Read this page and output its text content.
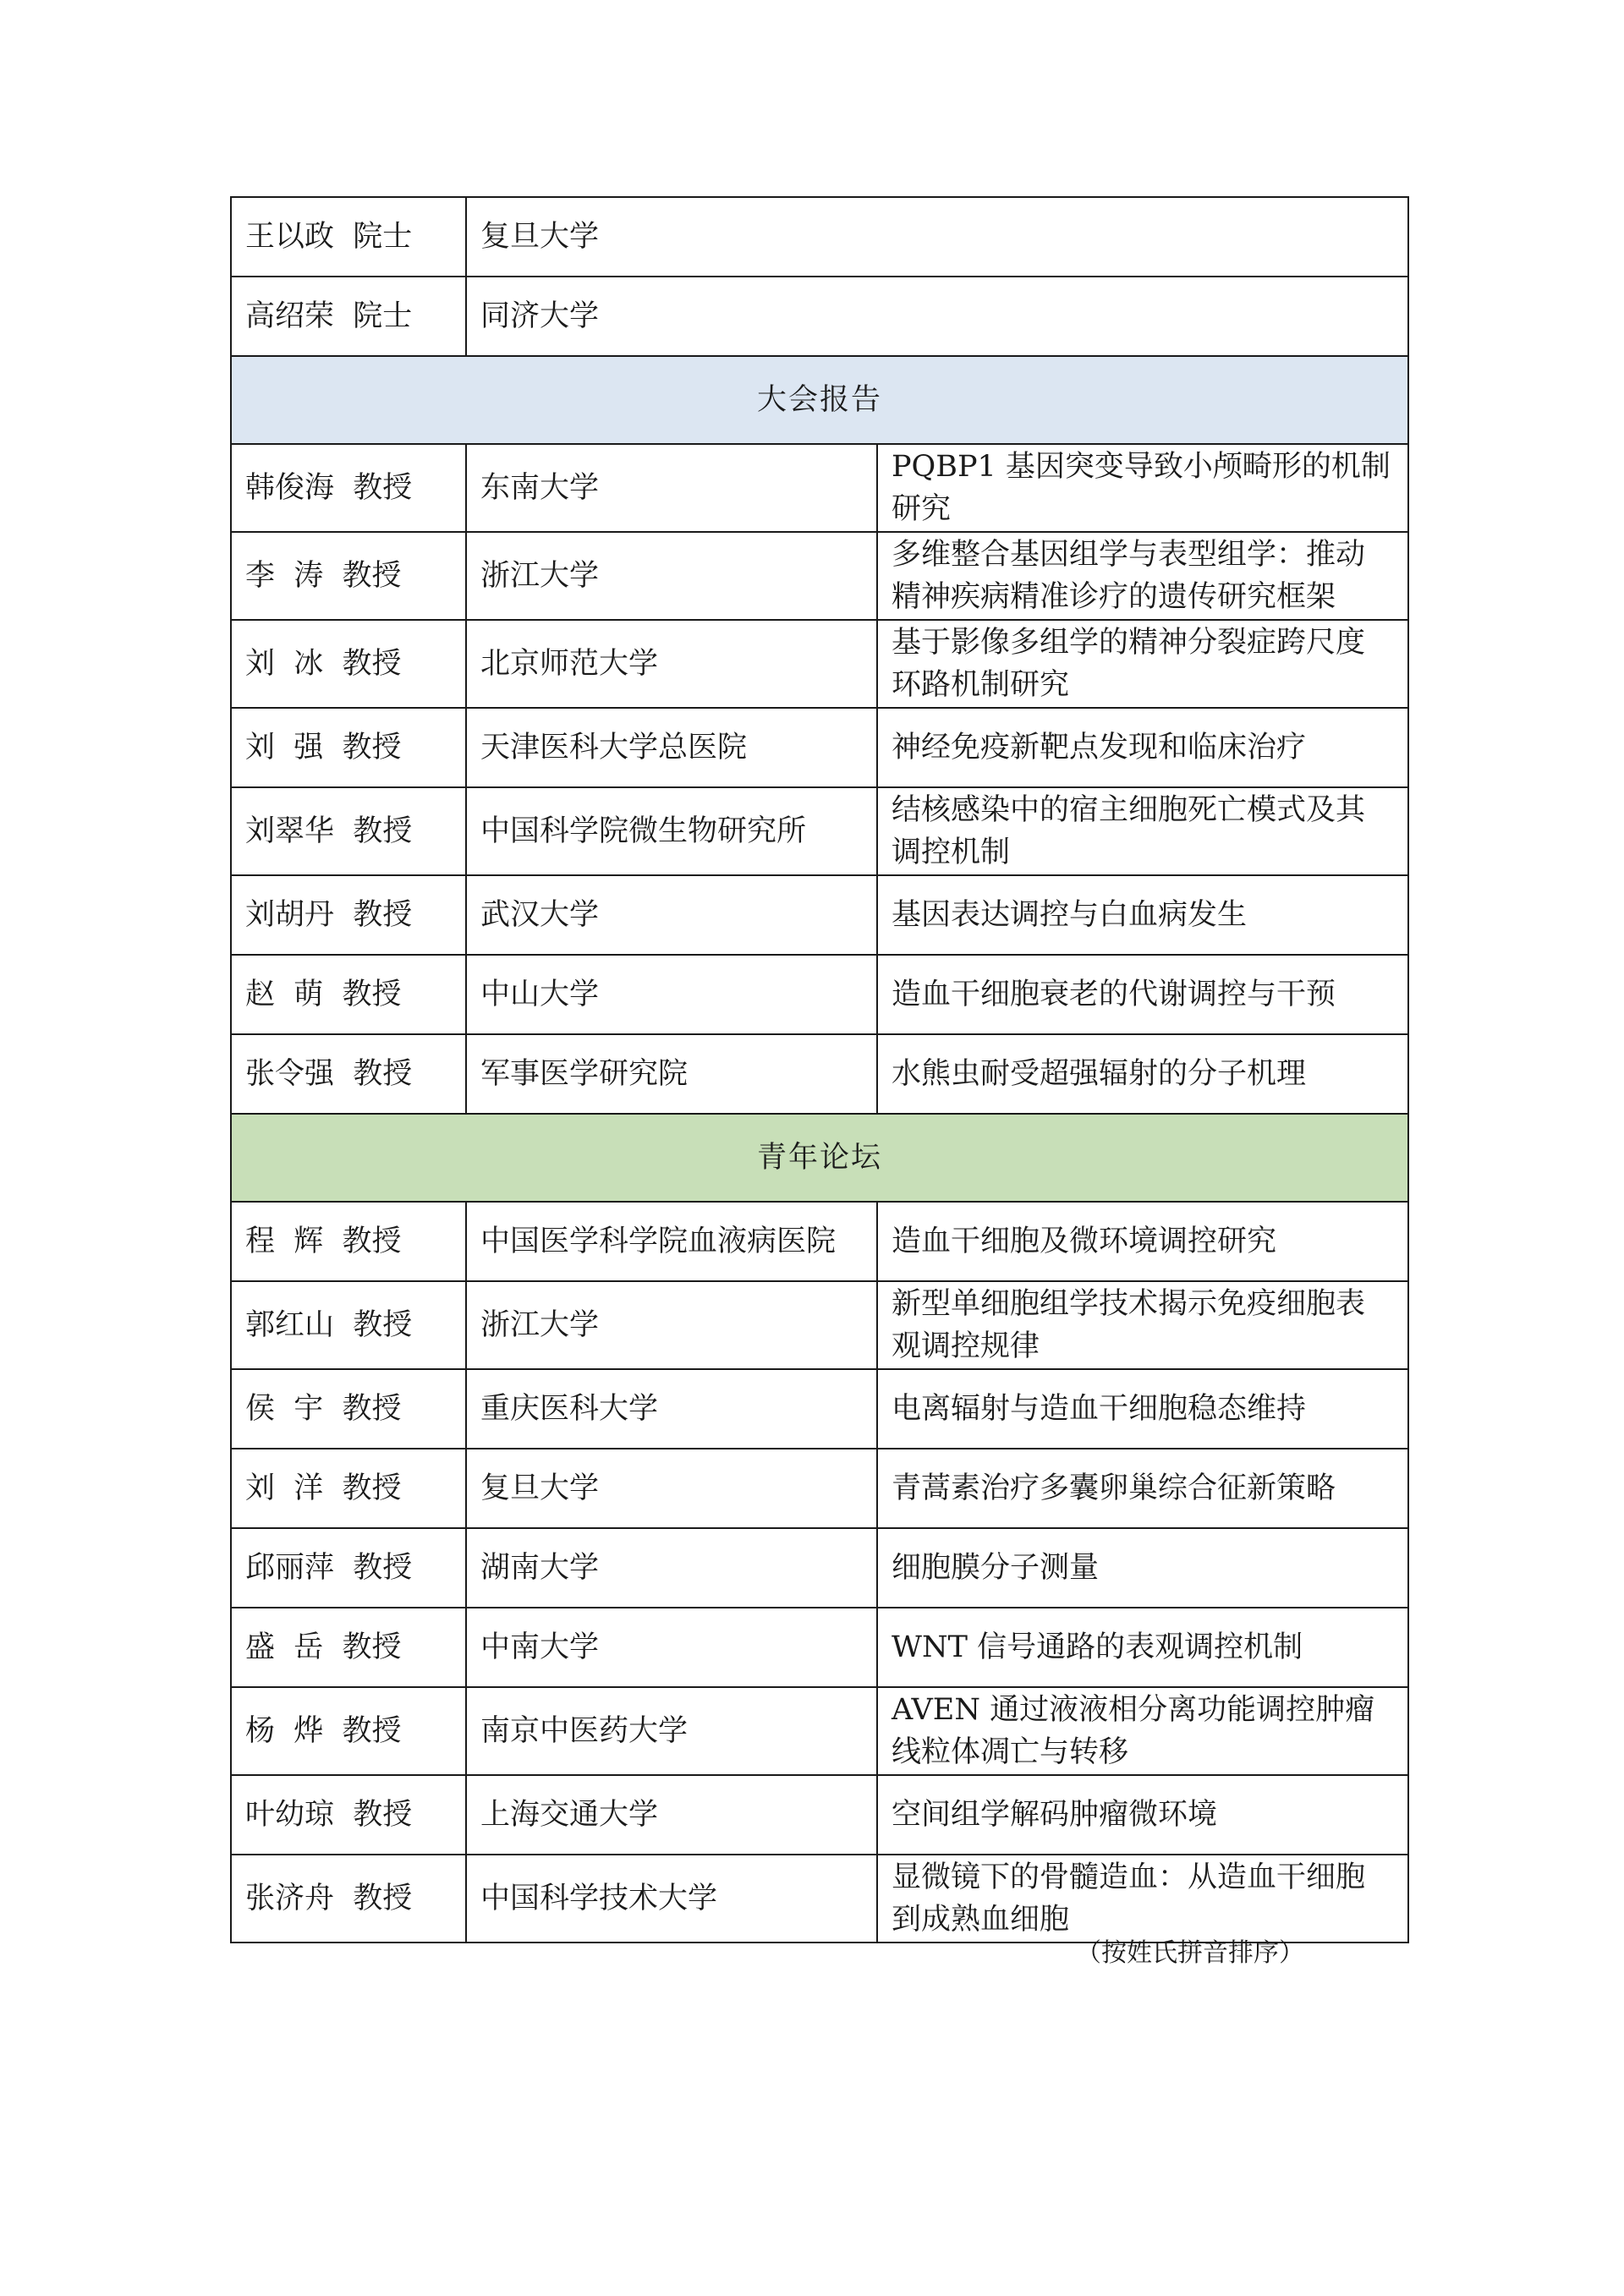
王以政  院士	复旦大学	
高绍荣  院士	同济大学	
大会报告		
韩俊海  教授	东南大学	PQBP1 基因突变导致小颅畸形的机制研究
李  涛  教授	浙江大学	多维整合基因组学与表型组学：推动精神疾病精准诊疗的遗传研究框架
刘  冰  教授	北京师范大学	基于影像多组学的精神分裂症跨尺度环路机制研究
刘  强  教授	天津医科大学总医院	神经免疫新靶点发现和临床治疗
刘翠华  教授	中国科学院微生物研究所	结核感染中的宿主细胞死亡模式及其调控机制
刘胡丹  教授	武汉大学	基因表达调控与白血病发生
赵  萌  教授	中山大学	造血干细胞衰老的代谢调控与干预
张令强  教授	军事医学研究院	水熊虫耐受超强辐射的分子机理
青年论坛		
程  辉  教授	中国医学科学院血液病医院	造血干细胞及微环境调控研究
郭红山  教授	浙江大学	新型单细胞组学技术揭示免疫细胞表观调控规律
侯  宇  教授	重庆医科大学	电离辐射与造血干细胞稳态维持
刘  洋  教授	复旦大学	青蒿素治疗多囊卵巢综合征新策略
邱丽萍  教授	湖南大学	细胞膜分子测量
盛  岳  教授	中南大学	WNT 信号通路的表观调控机制
杨  烨  教授	南京中医药大学	AVEN 通过液液相分离功能调控肿瘤线粒体凋亡与转移
叶幼琼  教授	上海交通大学	空间组学解码肿瘤微环境
张济舟  教授	中国科学技术大学	显微镜下的骨髓造血：从造血干细胞到成熟血细胞
（按姓氏拼音排序）
